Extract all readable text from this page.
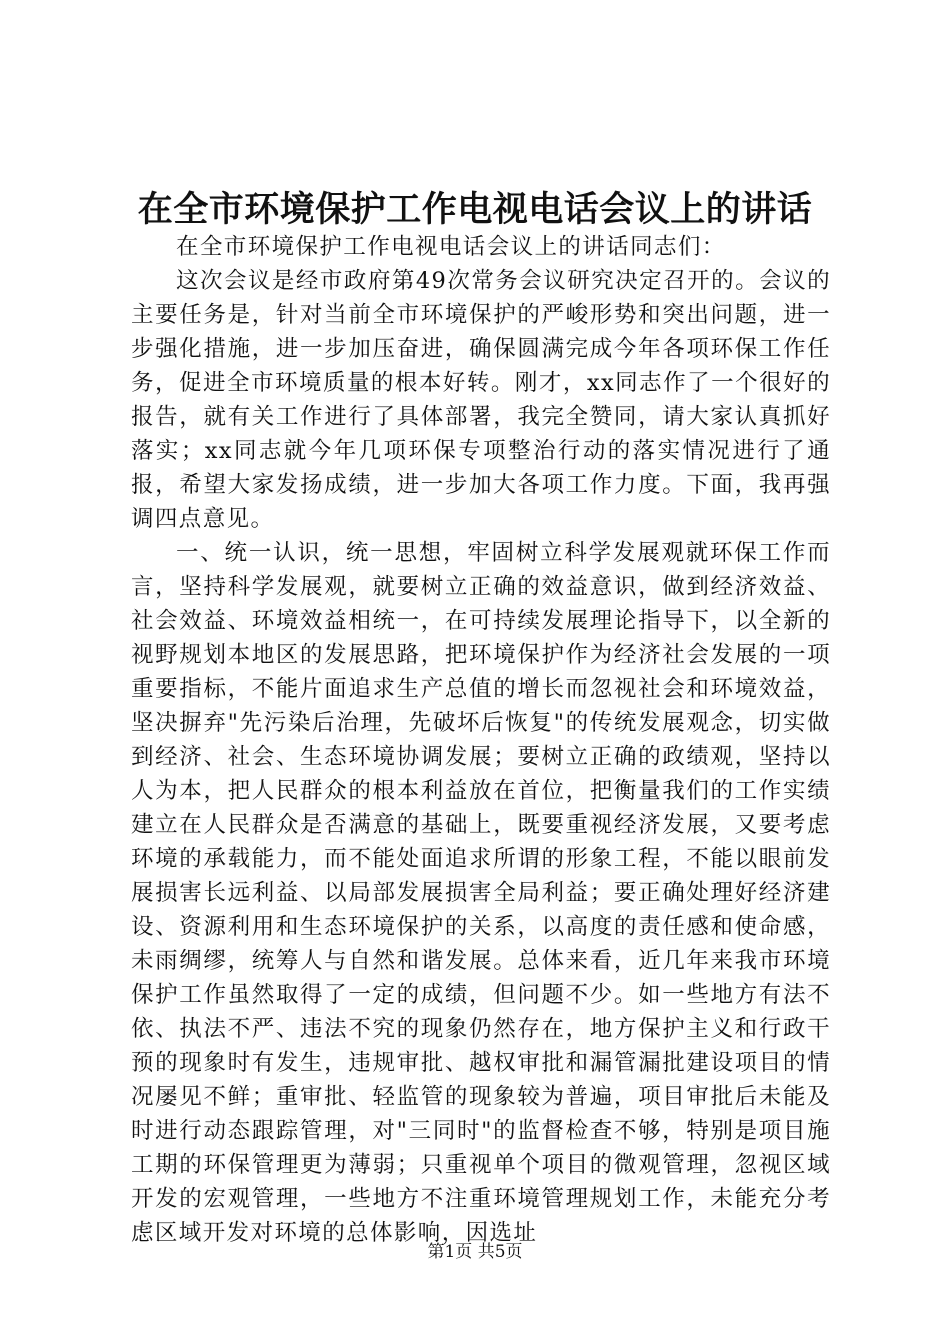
在全市环境保护工作电视电话会议上的讲话

在全市环境保护工作电视电话会议上的讲话同志们：

这次会议是经市政府第49次常务会议研究决定召开的。会议的主要任务是，针对当前全市环境保护的严峻形势和突出问题，进一步强化措施，进一步加压奋进，确保圆满完成今年各项环保工作任务，促进全市环境质量的根本好转。刚才，xx同志作了一个很好的报告，就有关工作进行了具体部署，我完全赞同，请大家认真抓好落实；xx同志就今年几项环保专项整治行动的落实情况进行了通报，希望大家发扬成绩，进一步加大各项工作力度。下面，我再强调四点意见。

一、统一认识，统一思想，牢固树立科学发展观就环保工作而言，坚持科学发展观，就要树立正确的效益意识，做到经济效益、社会效益、环境效益相统一，在可持续发展理论指导下，以全新的视野规划本地区的发展思路，把环境保护作为经济社会发展的一项重要指标，不能片面追求生产总值的增长而忽视社会和环境效益，坚决摒弃"先污染后治理，先破坏后恢复"的传统发展观念，切实做到经济、社会、生态环境协调发展；要树立正确的政绩观，坚持以人为本，把人民群众的根本利益放在首位，把衡量我们的工作实绩建立在人民群众是否满意的基础上，既要重视经济发展，又要考虑环境的承载能力，而不能处面追求所谓的形象工程，不能以眼前发展损害长远利益、以局部发展损害全局利益；要正确处理好经济建设、资源利用和生态环境保护的关系，以高度的责任感和使命感，未雨绸缪，统筹人与自然和谐发展。总体来看，近几年来我市环境保护工作虽然取得了一定的成绩，但问题不少。如一些地方有法不依、执法不严、违法不究的现象仍然存在，地方保护主义和行政干预的现象时有发生，违规审批、越权审批和漏管漏批建设项目的情况屡见不鲜；重审批、轻监管的现象较为普遍，项目审批后未能及时进行动态跟踪管理，对"三同时"的监督检查不够，特别是项目施工期的环保管理更为薄弱；只重视单个项目的微观管理，忽视区域开发的宏观管理，一些地方不注重环境管理规划工作，未能充分考虑区域开发对环境的总体影响，因选址

第1页 共5页
